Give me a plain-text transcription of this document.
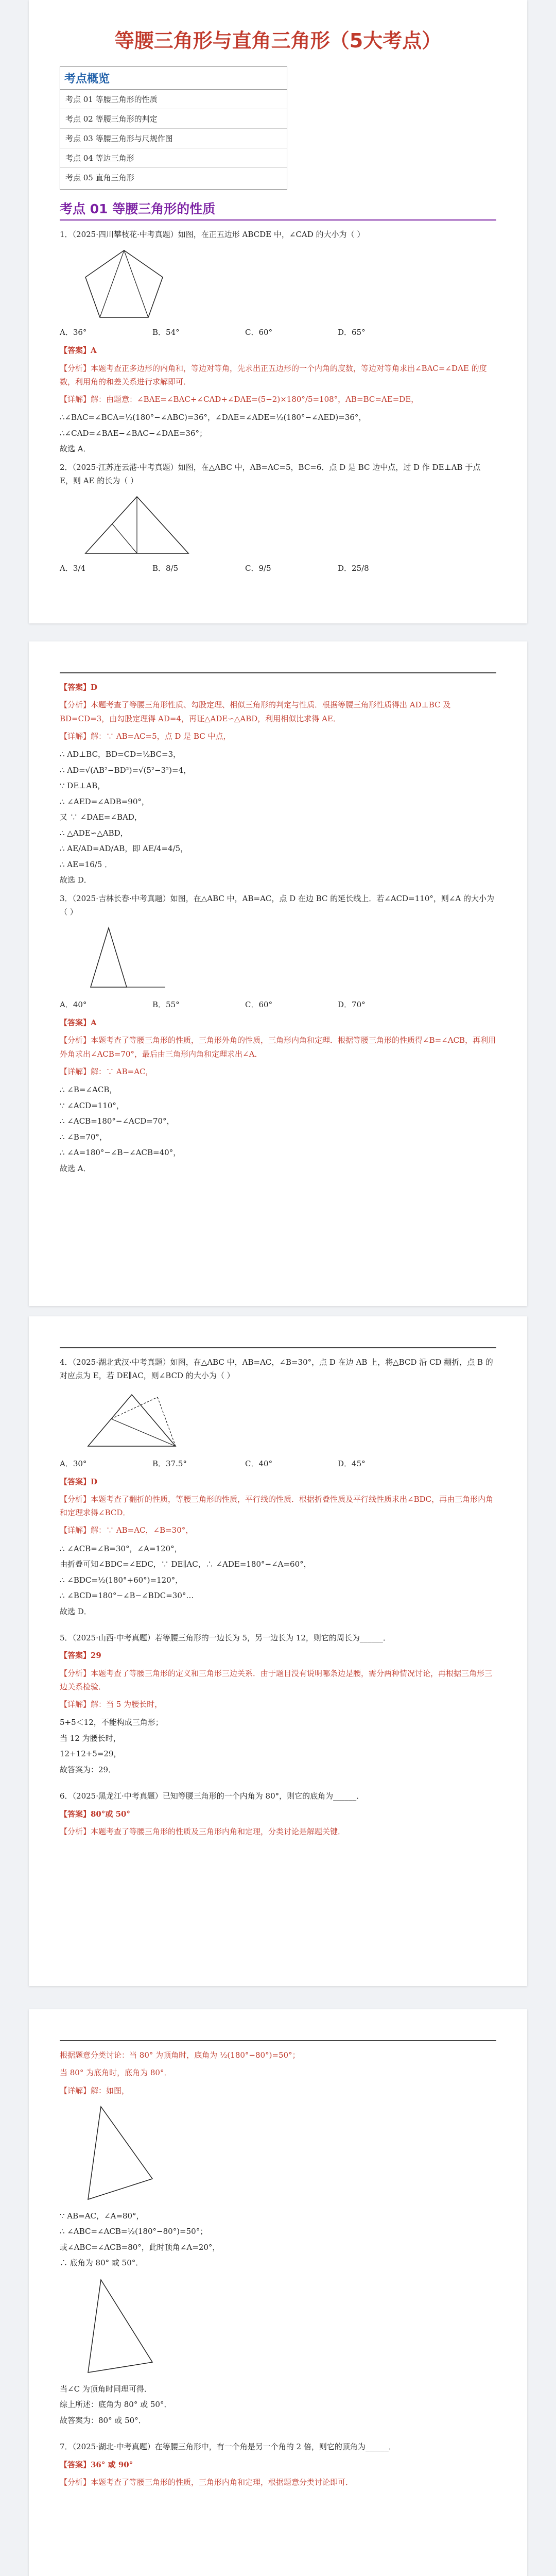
等腰三角形与直角三角形（5大考点）
考点概览
考点 01 等腰三角形的性质
考点 02 等腰三角形的判定
考点 03 等腰三角形与尺规作图
考点 04 等边三角形
考点 05 直角三角形
考点 01 等腰三角形的性质

1．（2025·四川攀枝花·中考真题）如图，在正五边形 ABCDE 中，∠CAD 的大小为（ ）

A．36°	B．54°	C．60°	D．65°

【答案】A

【分析】本题考查正多边形的内角和，等边对等角，先求出正五边形的一个内角的度数，等边对等角求出∠BAC=∠DAE 的度数，利用角的和差关系进行求解即可．

【详解】解：由题意：∠BAE=∠BAC+∠CAD+∠DAE=(5−2)×180°/5=108°，AB=BC=AE=DE，

∴∠BAC=∠BCA=½(180°−∠ABC)=36°，∠DAE=∠ADE=½(180°−∠AED)=36°，

∴∠CAD=∠BAE−∠BAC−∠DAE=36°；

故选 A．

2．（2025·江苏连云港·中考真题）如图，在△ABC 中，AB=AC=5，BC=6．点 D 是 BC 边中点，过 D 作 DE⊥AB 于点 E，则 AE 的长为（ ）

A．3/4	B．8/5	C．9/5	D．25/8

【答案】D

【分析】本题考查了等腰三角形性质、勾股定理、相似三角形的判定与性质．根据等腰三角形性质得出 AD⊥BC 及 BD=CD=3，由勾股定理得 AD=4，再证△ADE∽△ABD，利用相似比求得 AE．

【详解】解：∵ AB=AC=5，点 D 是 BC 中点，

∴ AD⊥BC，BD=CD=½BC=3，

∴ AD=√(AB²−BD²)=√(5²−3²)=4，

∵ DE⊥AB，

∴ ∠AED=∠ADB=90°，

又 ∵ ∠DAE=∠BAD，

∴ △ADE∽△ABD，

∴ AE/AD=AD/AB，即 AE/4=4/5，

∴ AE=16/5 ．

故选 D．

3．（2025·吉林长春·中考真题）如图，在△ABC 中，AB=AC，点 D 在边 BC 的延长线上．若∠ACD=110°，则∠A 的大小为（ ）

A．40°	B．55°	C．60°	D．70°

【答案】A

【分析】本题考查了等腰三角形的性质，三角形外角的性质，三角形内角和定理．根据等腰三角形的性质得∠B=∠ACB，再利用外角求出∠ACB=70°，最后由三角形内角和定理求出∠A．

【详解】解：∵ AB=AC，

∴ ∠B=∠ACB，

∵ ∠ACD=110°，

∴ ∠ACB=180°−∠ACD=70°，

∴ ∠B=70°，

∴ ∠A=180°−∠B−∠ACB=40°，

故选 A．

4．（2025·湖北武汉·中考真题）如图，在△ABC 中，AB=AC，∠B=30°，点 D 在边 AB 上，将△BCD 沿 CD 翻折，点 B 的对应点为 E，若 DE∥AC，则∠BCD 的大小为（ ）

A．30°	B．37.5°	C．40°	D．45°

【答案】D

【分析】本题考查了翻折的性质，等腰三角形的性质，平行线的性质．根据折叠性质及平行线性质求出∠BDC，再由三角形内角和定理求得∠BCD．

【详解】解：∵ AB=AC，∠B=30°，

∴ ∠ACB=∠B=30°，∠A=120°，

由折叠可知∠BDC=∠EDC，∵ DE∥AC，∴ ∠ADE=180°−∠A=60°，

∴ ∠BDC=½(180°+60°)=120°，

∴ ∠BCD=180°−∠B−∠BDC=30°…

故选 D．

5．（2025·山西·中考真题）若等腰三角形的一边长为 5，另一边长为 12，则它的周长为______．

【答案】29

【分析】本题考查了等腰三角形的定义和三角形三边关系．由于题目没有说明哪条边是腰，需分两种情况讨论，再根据三角形三边关系检验．

【详解】解：当 5 为腰长时，

5+5＜12，不能构成三角形；

当 12 为腰长时，

12+12+5=29，

故答案为：29．

6．（2025·黑龙江·中考真题）已知等腰三角形的一个内角为 80°，则它的底角为______．

【答案】80°或 50°

【分析】本题考查了等腰三角形的性质及三角形内角和定理，分类讨论是解题关键．

根据题意分类讨论：当 80° 为顶角时，底角为 ½(180°−80°)=50°；

当 80° 为底角时，底角为 80°．

【详解】解：如图，

∵ AB=AC，∠A=80°，

∴ ∠ABC=∠ACB=½(180°−80°)=50°；

或∠ABC=∠ACB=80°，此时顶角∠A=20°，

∴ 底角为 80° 或 50°．

当∠C 为顶角时同理可得．

综上所述：底角为 80° 或 50°．

故答案为：80° 或 50°．

7．（2025·湖北·中考真题）在等腰三角形中，有一个角是另一个角的 2 倍，则它的顶角为______．

【答案】36° 或 90°

【分析】本题考查了等腰三角形的性质，三角形内角和定理，根据题意分类讨论即可．
